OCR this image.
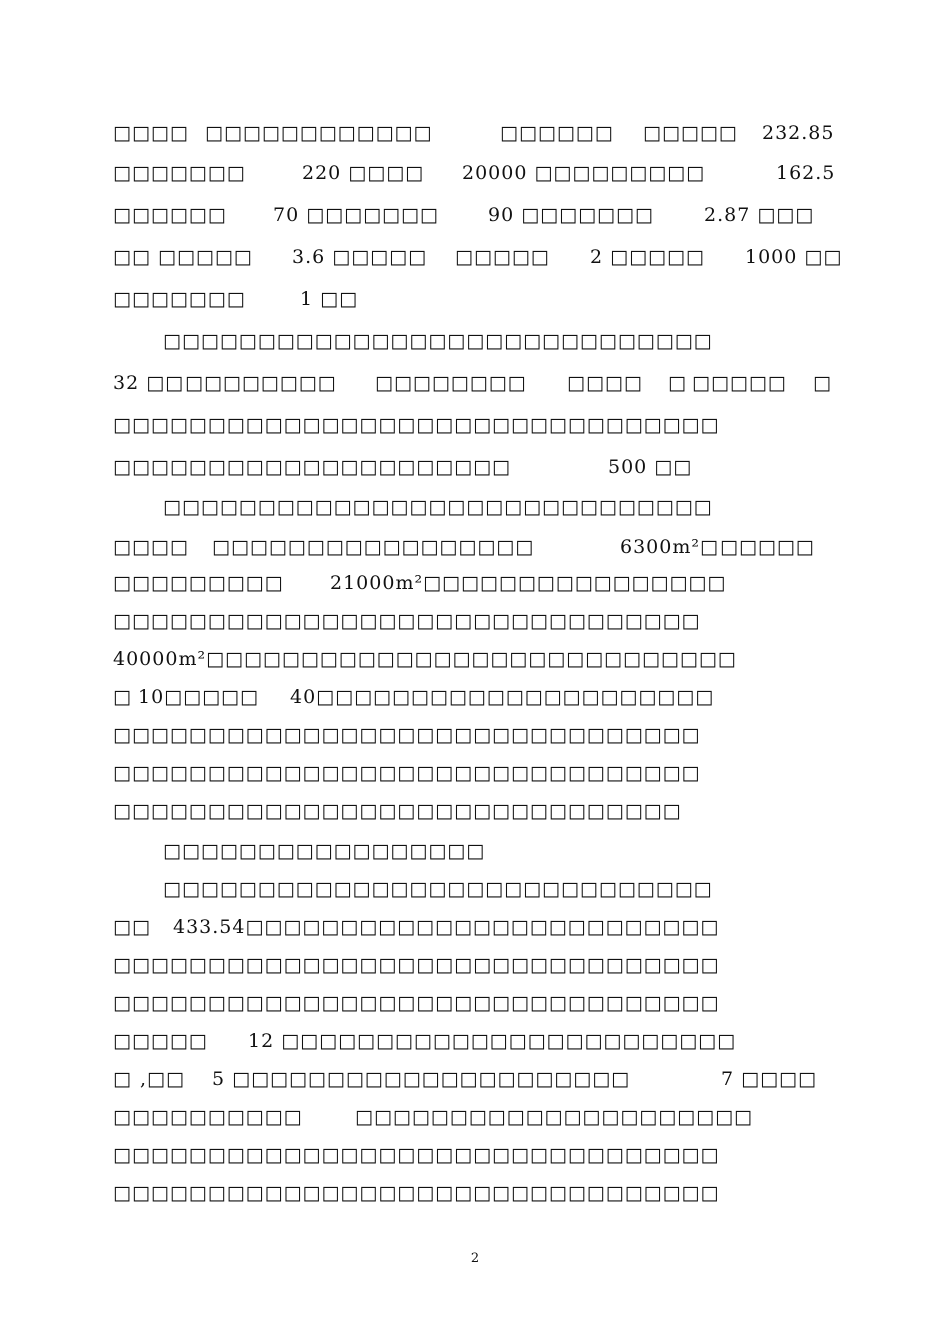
□□□□ □□□□□□□□□□□□	□□□□□□ □□□□□ 232.85
□□□□□□□	220 □□□□ 20000 □□□□□□□□□	162.5
□□□□□□ 70 □□□□□□□	90 □□□□□□□	2.87 □□□
□□ □□□□□ 3.6 □□□□□ □□□□□ 2 □□□□□ 1000 □□
□□□□□□□	1 □□
□□□□□□□□□□□□□□□□□□□□□□□□□□□□□
32 □□ □□□□□□□□ □□□□□□□□ □□□□ □ □□□□□ □
□□□□□□□□□□□□□□□□□□□□□□□□□□□□□□□□
□□□□□□□□□□□□□□□□□□□□□	500 □□
□□□□□□□□□□□□□□□□□□□□□□□□□□□□□
□□□□ □□□□□□□□□□□□□□□□□	6300m²□ □□□□□
□□□□□□□□□ 21000m²□□□□□□□□□□□□□□□□
□□□□□□□□□□□□□□□□□□□□□□□□□□□□□□□
40000m²□□□□□□□□□□□□□□□□□□□□□□□□□□□□
□ 10□□□□□ 40□□□□□□□□□□□□□□□□□□□□□
□□□□□□□□□□□□□□□□□□□□□□□□□□□□□□□
□□□□□□□□□□□□□□□□□□□□□□□□□□□□□□□
□□□□□□□□□□□□□□□□□□□□□□□□□□□□□□
□□□□□□□□□□□□□□□□□
□□□□□□□□□□□□□□□□□□□□□□□□□□□□□
□□ 433.54□□□□□□□□□□□□□□□□□□□□□□□□□
□□□□□□□□□□□□□□□□□□□□□□□□□□□□□□□□
□□□□□□□□□□□□□□□□□□□□□□□□□□□□□□□□
□□□□□ 12 □□□□□□□□□□□□□□□□□□□□□□□□
□ ,□□ 5 □□□□□□□□□□□□□□□□□□□□□	7 □□□□
□□□□□□□□□□	□□□□□□□□□□□□□□□□□□□□□
□□□□□□□□□□□□□□□□□□□□□□□□□□□□□□□□
□□□□□□□□□□□□□□□□□□□□□□□□□□□□□□□□
2
